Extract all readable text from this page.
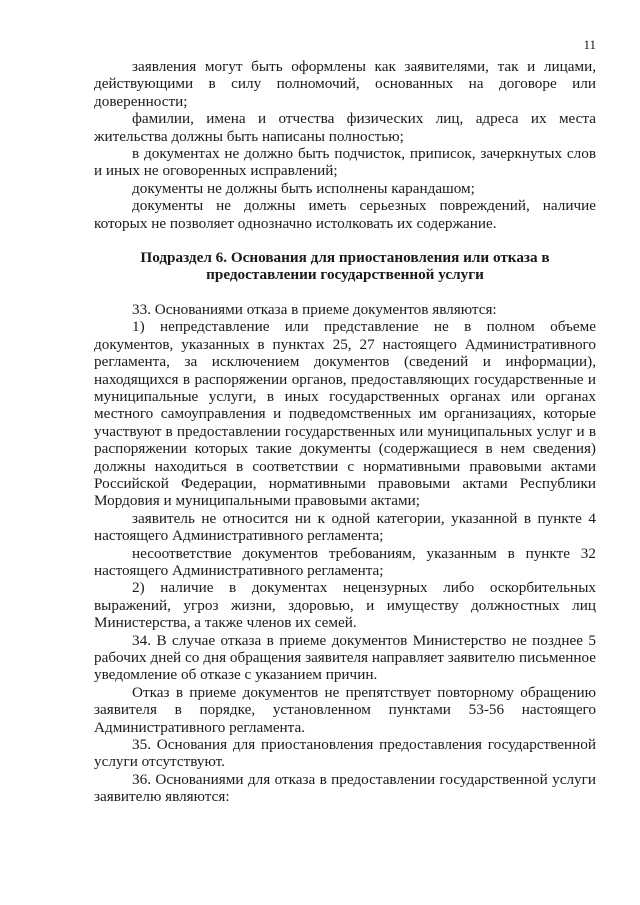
11

заявления могут быть оформлены как заявителями, так и лицами, действующими в силу полномочий, основанных на договоре или доверенности;

фамилии, имена и отчества физических лиц, адреса их места жительства должны быть написаны полностью;

в документах не должно быть подчисток, приписок, зачеркнутых слов и иных не оговоренных исправлений;

документы не должны быть исполнены карандашом;

документы не должны иметь серьезных повреждений, наличие которых не позволяет однозначно истолковать их содержание.

Подраздел 6. Основания для приостановления или отказа в предоставлении государственной услуги

33. Основаниями отказа в приеме документов являются:

1) непредставление или представление не в полном объеме документов, указанных в пунктах 25, 27 настоящего Административного регламента, за исключением документов (сведений и информации), находящихся в распоряжении органов, предоставляющих государственные и муниципальные услуги, в иных государственных органах или органах местного самоуправления и подведомственных им организациях, которые участвуют в предоставлении государственных или муниципальных услуг и в распоряжении которых такие документы (содержащиеся в нем сведения) должны находиться в соответствии с нормативными правовыми актами Российской Федерации, нормативными правовыми актами Республики Мордовия и муниципальными правовыми актами;

заявитель не относится ни к одной категории, указанной в пункте 4 настоящего Административного регламента;

несоответствие документов требованиям, указанным в пункте 32 настоящего Административного регламента;

2) наличие в документах нецензурных либо оскорбительных выражений, угроз жизни, здоровью, и имуществу должностных лиц Министерства, а также членов их семей.

34. В случае отказа в приеме документов Министерство не позднее 5 рабочих дней со дня обращения заявителя направляет заявителю письменное уведомление об отказе с указанием причин.

Отказ в приеме документов не препятствует повторному обращению заявителя в порядке, установленном пунктами 53-56 настоящего Административного регламента.

35. Основания для приостановления предоставления государственной услуги отсутствуют.

36. Основаниями для отказа в предоставлении государственной услуги заявителю являются:
